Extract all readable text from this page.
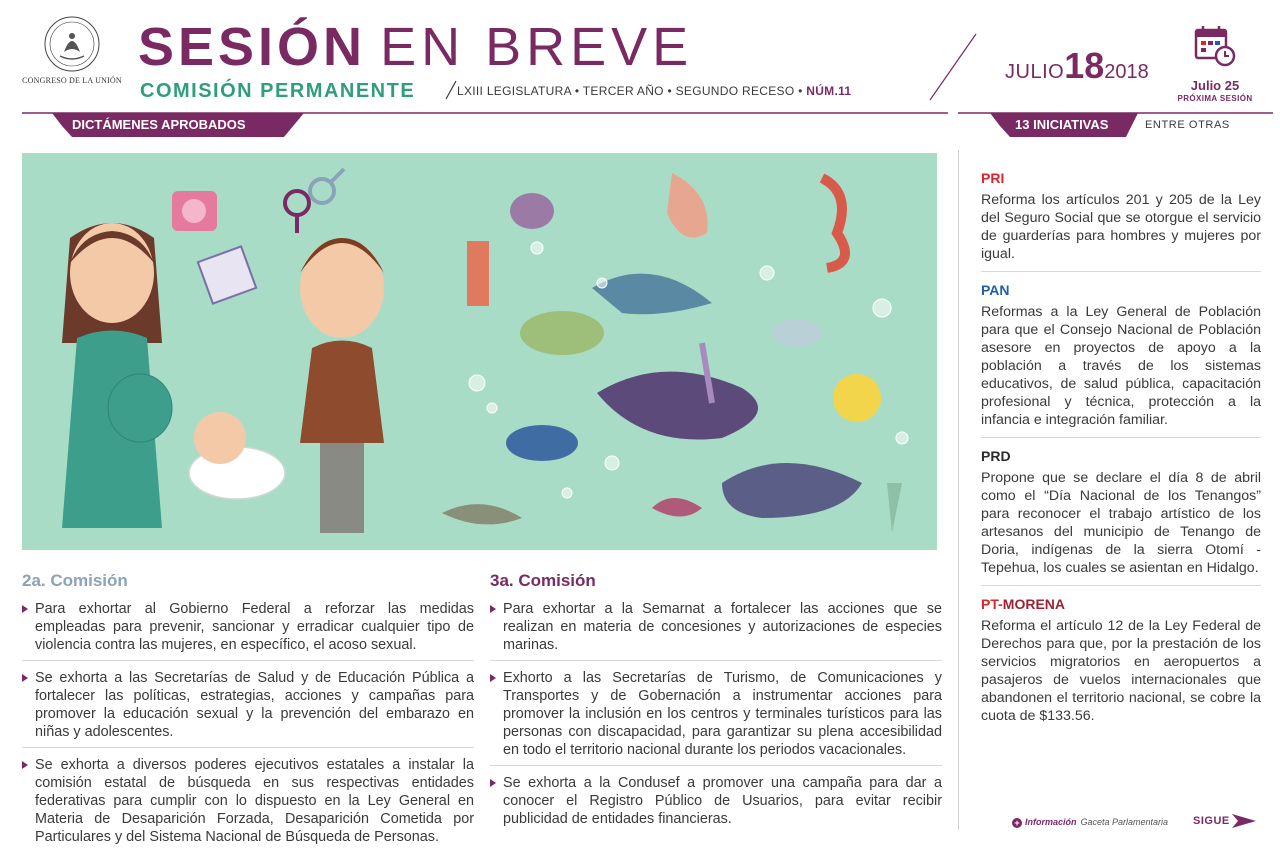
CONGRESO DE LA UNIÓN
SESIÓN EN BREVE
COMISIÓN PERMANENTE	LXIII LEGISLATURA • TERCER AÑO • SEGUNDO RECESO • NÚM.11
JULIO182018
Julio 25
PRÓXIMA SESIÓN
DICTÁMENES APROBADOS	13 INICIATIVAS	ENTRE OTRAS
2a. Comisión
Para exhortar al Gobierno Federal a reforzar las medidas empleadas para prevenir, sancionar y erradicar cualquier tipo de violencia contra las mujeres, en específico, el acoso sexual.
Se exhorta a las Secretarías de Salud y de Educación Pública a fortalecer las políticas, estrategias, acciones y campañas para promover la educación sexual y la prevención del embarazo en niñas y adolescentes.
Se exhorta a diversos poderes ejecutivos estatales a instalar la comisión estatal de búsqueda en sus respectivas entidades federativas para cumplir con lo dispuesto en la Ley General en Materia de Desaparición Forzada, Desaparición Cometida por Particulares y del Sistema Nacional de Búsqueda de Personas.
3a. Comisión
Para exhortar a la Semarnat a fortalecer las acciones que se realizan en materia de concesiones y autorizaciones de especies marinas.
Exhorto a las Secretarías de Turismo, de Comunicaciones y Transportes y de Gobernación a instrumentar acciones para promover la inclusión en los centros y terminales turísticos para las personas con discapacidad, para garantizar su plena accesibilidad en todo el territorio nacional durante los periodos vacacionales.
Se exhorta a la Condusef a promover una campaña para dar a conocer el Registro Público de Usuarios, para evitar recibir publicidad de entidades financieras.
PRI
Reforma los artículos 201 y 205 de la Ley del Seguro Social que se otorgue el servicio de guarderías para hombres y mujeres por igual.
PAN
Reformas a la Ley General de Población para que el Consejo Nacional de Población asesore en proyectos de apoyo a la población a través de los sistemas educativos, de salud pública, capacitación profesional y técnica, protección a la infancia e integración familiar.
PRD
Propone que se declare el día 8 de abril como el “Día Nacional de los Tenangos” para reconocer el trabajo artístico de los artesanos del municipio de Tenango de Doria, indígenas de la sierra Otomí -Tepehua, los cuales se asientan en Hidalgo.
PT-MORENA
Reforma el artículo 12 de la Ley Federal de Derechos para que, por la prestación de los servicios migratorios en aeropuertos a pasajeros de vuelos internacionales que abandonen el territorio nacional, se cobre la cuota de $133.56.
+ Información Gaceta Parlamentaria SIGUE
